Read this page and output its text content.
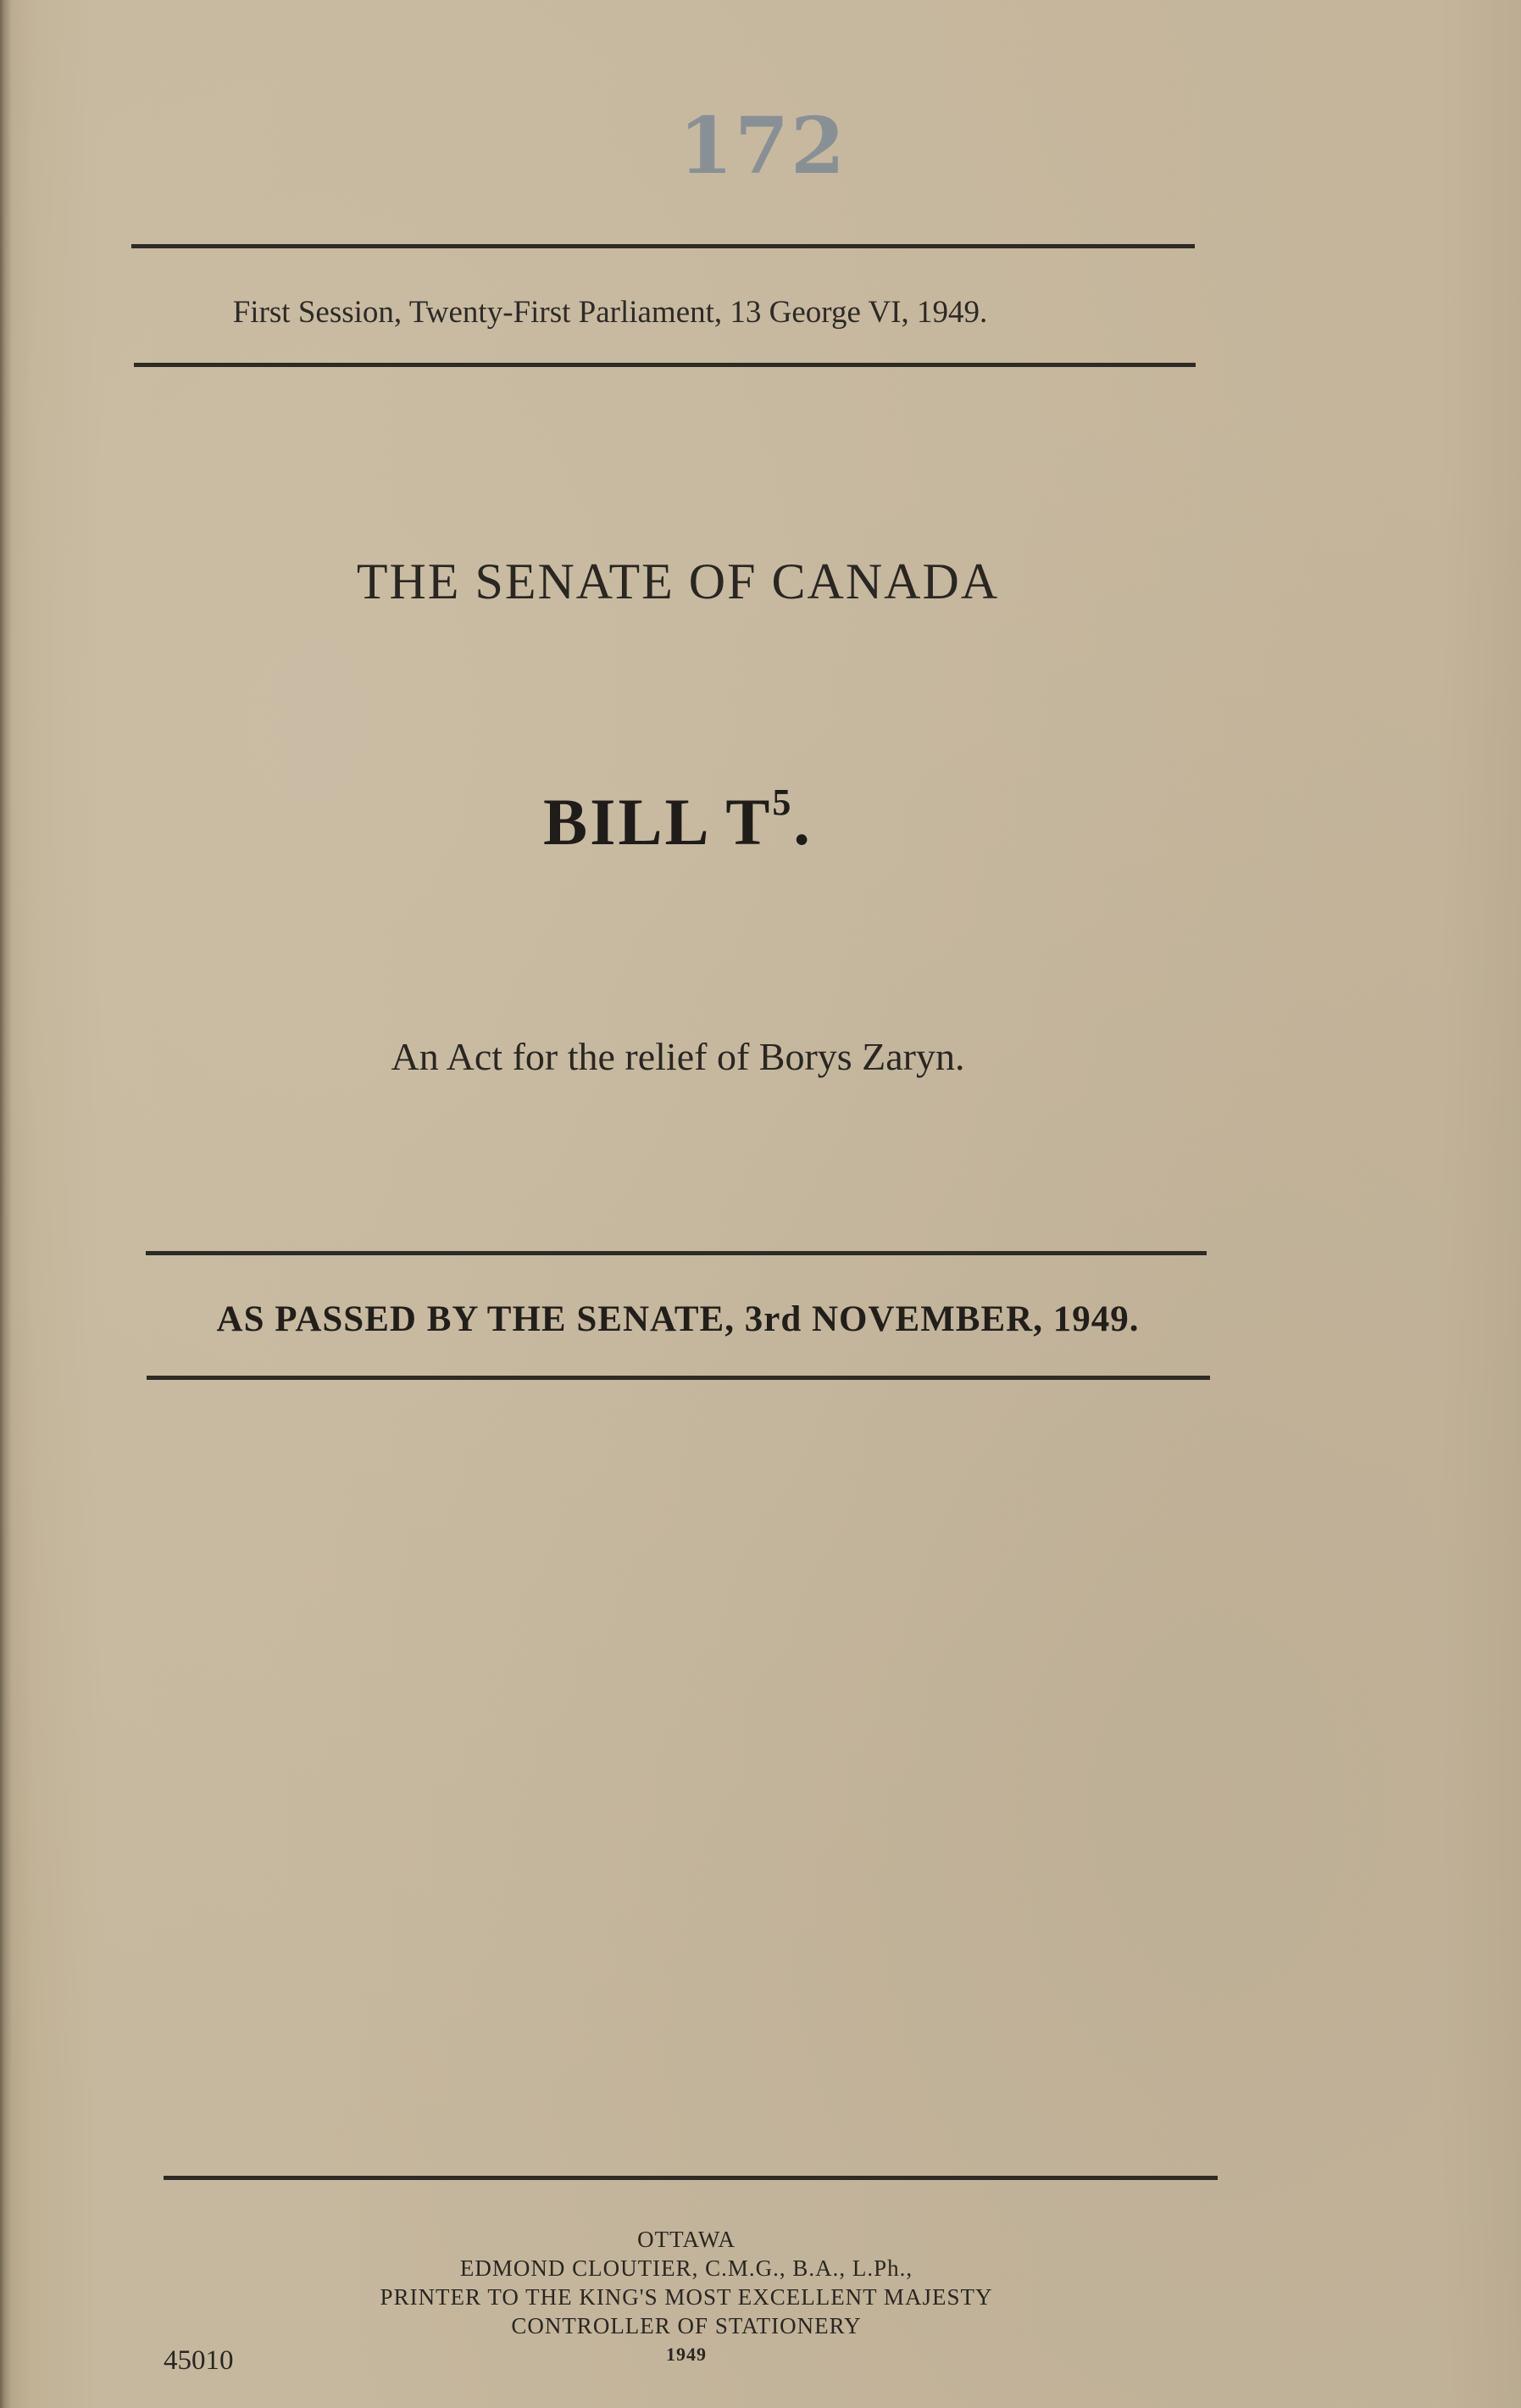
172
First Session, Twenty-First Parliament, 13 George VI, 1949.
THE SENATE OF CANADA
BILL $T^5$.
An Act for the relief of Borys Zaryn.
AS PASSED BY THE SENATE, 3rd NOVEMBER, 1949.
OTTAWA
EDMOND CLOUTIER, C.M.G., B.A., L.Ph.,
PRINTER TO THE KING'S MOST EXCELLENT MAJESTY
CONTROLLER OF STATIONERY
1949
45010
